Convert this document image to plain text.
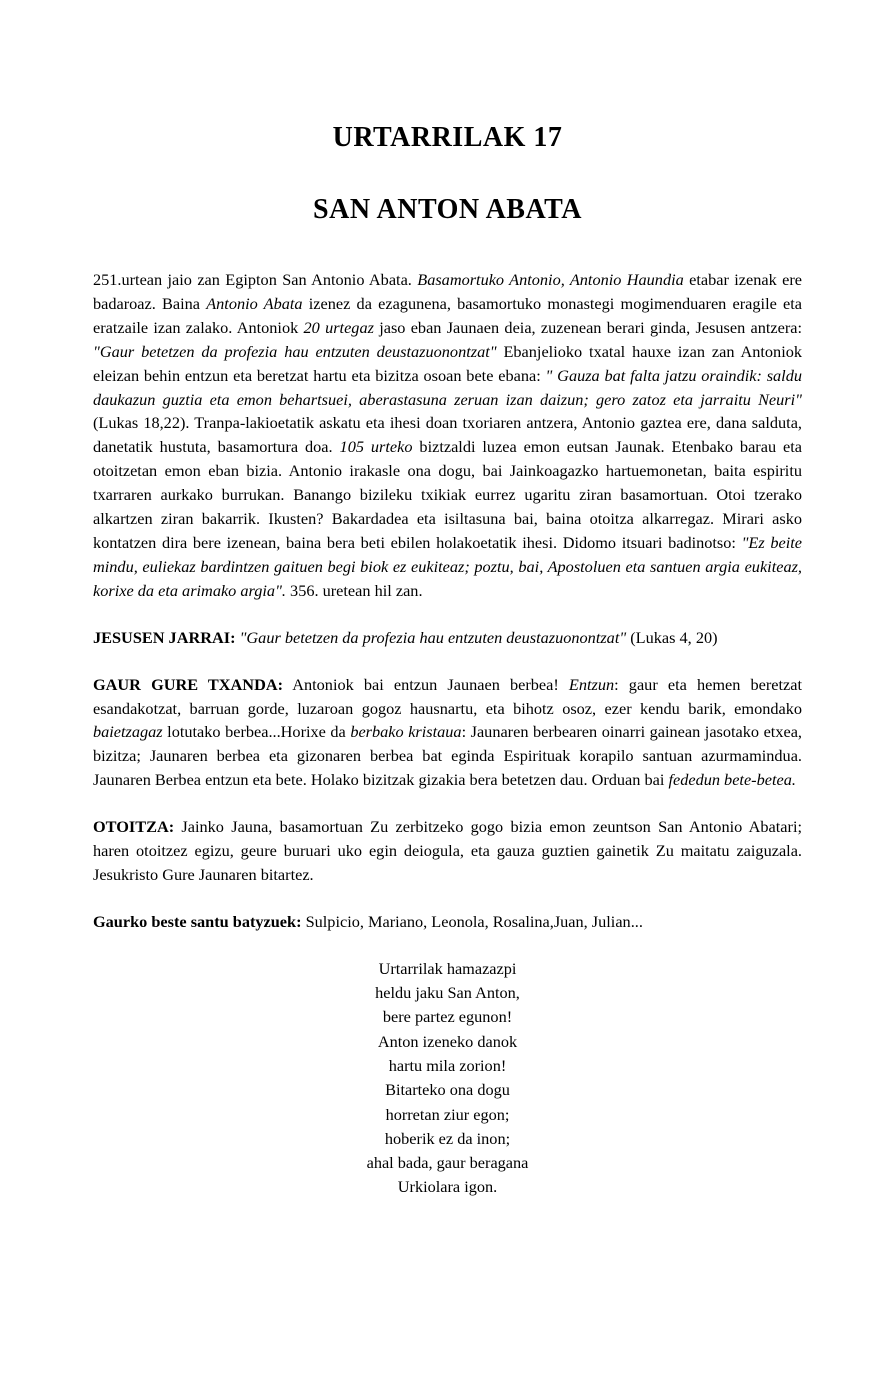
URTARRILAK 17
SAN ANTON ABATA

251.urtean jaio zan Egipton San Antonio Abata. Basamortuko Antonio, Antonio Haundia etabar izenak ere badaroaz. Baina Antonio Abata izenez da ezagunena, basamortuko monastegi mogimenduaren eragile eta eratzaile izan zalako. Antoniok 20 urtegaz jaso eban Jaunaen deia, zuzenean berari ginda, Jesusen antzera: "Gaur betetzen da profezia hau entzuten deustazuonontzat" Ebanjelioko txatal hauxe izan zan Antoniok eleizan behin entzun eta beretzat hartu eta bizitza osoan bete ebana: " Gauza bat falta jatzu oraindik: saldu daukazun guztia eta emon behartsuei, aberastasuna zeruan izan daizun; gero zatoz eta jarraitu Neuri" (Lukas 18,22). Tranpa-lakioetatik askatu eta ihesi doan txoriaren antzera, Antonio gaztea ere, dana salduta, danetatik hustuta, basamortura doa. 105 urteko biztzaldi luzea emon eutsan Jaunak. Etenbako barau eta otoitzetan emon eban bizia. Antonio irakasle ona dogu, bai Jainkoagazko hartuemonetan, baita espiritu txarraren aurkako burrukan. Banango bizileku txikiak eurrez ugaritu ziran basamortuan. Otoi tzerako alkartzen ziran bakarrik. Ikusten? Bakardadea eta isiltasuna bai, baina otoitza alkarregaz. Mirari asko kontatzen dira bere izenean, baina bera beti ebilen holakoetatik ihesi. Didomo itsuari badinotso: "Ez beite mindu, euliekaz bardintzen gaituen begi biok ez eukiteaz; poztu, bai, Apostoluen eta santuen argia eukiteaz, korixe da eta arimako argia". 356. uretean hil zan.

JESUSEN JARRAI: "Gaur betetzen da profezia hau entzuten deustazuonontzat" (Lukas 4, 20)

GAUR GURE TXANDA: Antoniok bai entzun Jaunaen berbea! Entzun: gaur eta hemen beretzat esandakotzat, barruan gorde, luzaroan gogoz hausnartu, eta bihotz osoz, ezer kendu barik, emondako baietzagaz lotutako berbea...Horixe da berbako kristaua: Jaunaren berbearen oinarri gainean jasotako etxea, bizitza; Jaunaren berbea eta gizonaren berbea bat eginda Espirituak korapilo santuan azurmamindua. Jaunaren Berbea entzun eta bete. Holako bizitzak gizakia bera betetzen dau. Orduan bai fededun bete-betea.

OTOITZA: Jainko Jauna, basamortuan Zu zerbitzeko gogo bizia emon zeuntson San Antonio Abatari; haren otoitzez egizu, geure buruari uko egin deiogula, eta gauza guztien gainetik Zu maitatu zaiguzala. Jesukristo Gure Jaunaren bitartez.

Gaurko beste santu batyzuek: Sulpicio, Mariano, Leonola, Rosalina,Juan, Julian...

Urtarrilak hamazazpi
heldu jaku San Anton,
bere partez egunon!
Anton izeneko danok
hartu mila zorion!
Bitarteko ona dogu
horretan ziur egon;
hoberik ez da inon;
ahal bada, gaur beragana
Urkiolara igon.
